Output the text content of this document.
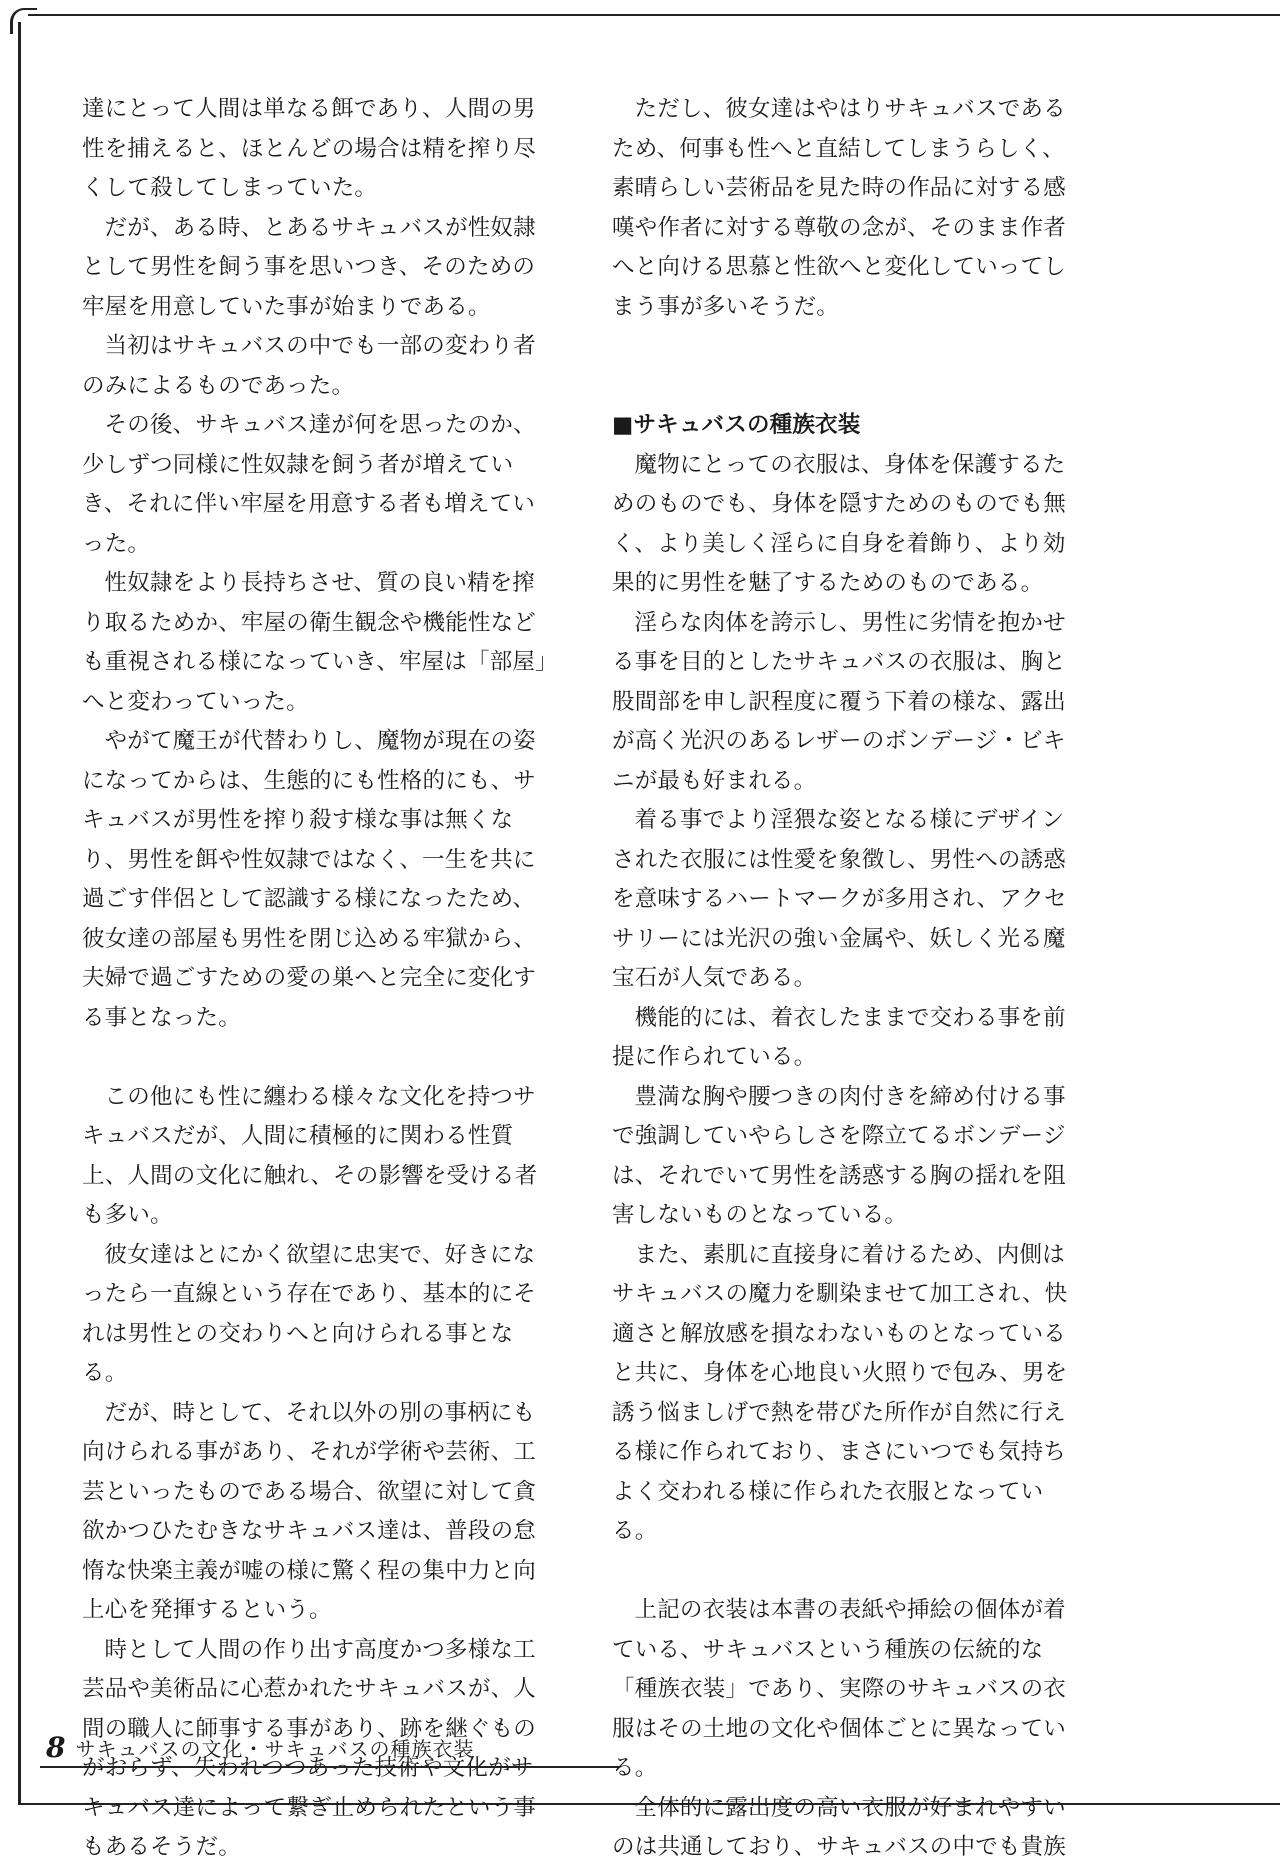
達にとって人間は単なる餌であり、人間の男性を捕えると、ほとんどの場合は精を搾り尽くして殺してしまっていた。

だが、ある時、とあるサキュバスが性奴隷として男性を飼う事を思いつき、そのための牢屋を用意していた事が始まりである。

当初はサキュバスの中でも一部の変わり者のみによるものであった。

その後、サキュバス達が何を思ったのか、少しずつ同様に性奴隷を飼う者が増えていき、それに伴い牢屋を用意する者も増えていった。

性奴隷をより長持ちさせ、質の良い精を搾り取るためか、牢屋の衛生観念や機能性なども重視される様になっていき、牢屋は「部屋」へと変わっていった。

やがて魔王が代替わりし、魔物が現在の姿になってからは、生態的にも性格的にも、サキュバスが男性を搾り殺す様な事は無くなり、男性を餌や性奴隷ではなく、一生を共に過ごす伴侶として認識する様になったため、彼女達の部屋も男性を閉じ込める牢獄から、夫婦で過ごすための愛の巣へと完全に変化する事となった。

この他にも性に纏わる様々な文化を持つサキュバスだが、人間に積極的に関わる性質上、人間の文化に触れ、その影響を受ける者も多い。

彼女達はとにかく欲望に忠実で、好きになったら一直線という存在であり、基本的にそれは男性との交わりへと向けられる事となる。

だが、時として、それ以外の別の事柄にも向けられる事があり、それが学術や芸術、工芸といったものである場合、欲望に対して貪欲かつひたむきなサキュバス達は、普段の怠惰な快楽主義が嘘の様に驚く程の集中力と向上心を発揮するという。

時として人間の作り出す高度かつ多様な工芸品や美術品に心惹かれたサキュバスが、人間の職人に師事する事があり、跡を継ぐものがおらず、失われつつあった技術や文化がサキュバス達によって繋ぎ止められたという事もあるそうだ。

ただし、彼女達はやはりサキュバスであるため、何事も性へと直結してしまうらしく、素晴らしい芸術品を見た時の作品に対する感嘆や作者に対する尊敬の念が、そのまま作者へと向ける思慕と性欲へと変化していってしまう事が多いそうだ。

■サキュバスの種族衣装

魔物にとっての衣服は、身体を保護するためのものでも、身体を隠すためのものでも無く、より美しく淫らに自身を着飾り、より効果的に男性を魅了するためのものである。

淫らな肉体を誇示し、男性に劣情を抱かせる事を目的としたサキュバスの衣服は、胸と股間部を申し訳程度に覆う下着の様な、露出が高く光沢のあるレザーのボンデージ・ビキニが最も好まれる。

着る事でより淫猥な姿となる様にデザインされた衣服には性愛を象徴し、男性への誘惑を意味するハートマークが多用され、アクセサリーには光沢の強い金属や、妖しく光る魔宝石が人気である。

機能的には、着衣したままで交わる事を前提に作られている。

豊満な胸や腰つきの肉付きを締め付ける事で強調していやらしさを際立てるボンデージは、それでいて男性を誘惑する胸の揺れを阻害しないものとなっている。

また、素肌に直接身に着けるため、内側はサキュバスの魔力を馴染ませて加工され、快適さと解放感を損なわないものとなっていると共に、身体を心地良い火照りで包み、男を誘う悩ましげで熱を帯びた所作が自然に行える様に作られており、まさにいつでも気持ちよく交われる様に作られた衣服となっている。

上記の衣装は本書の表紙や挿絵の個体が着ている、サキュバスという種族の伝統的な「種族衣装」であり、実際のサキュバスの衣服はその土地の文化や個体ごとに異なっている。

全体的に露出度の高い衣服が好まれやすいのは共通しており、サキュバスの中でも貴族

8 サキュバスの文化・サキュバスの種族衣装
